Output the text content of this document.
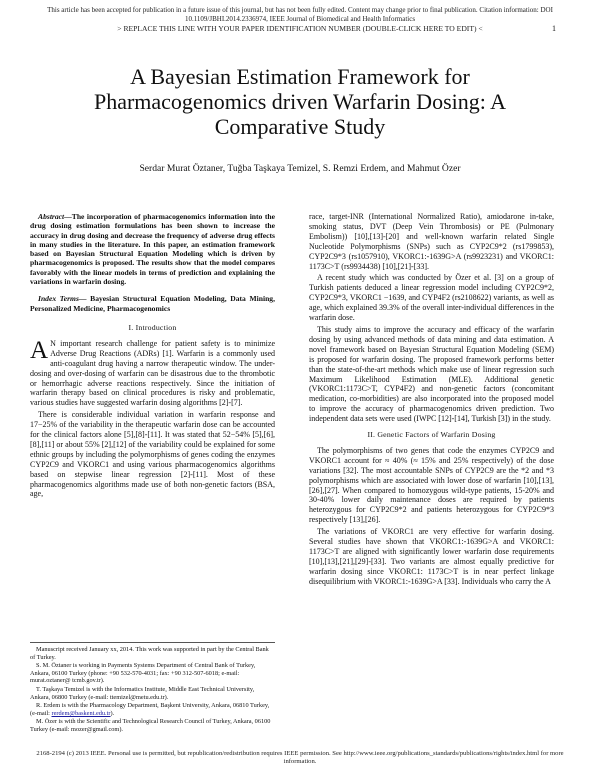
This article has been accepted for publication in a future issue of this journal, but has not been fully edited. Content may change prior to final publication. Citation information: DOI 10.1109/JBHI.2014.2336974, IEEE Journal of Biomedical and Health Informatics
> REPLACE THIS LINE WITH YOUR PAPER IDENTIFICATION NUMBER (DOUBLE-CLICK HERE TO EDIT) <	1
A Bayesian Estimation Framework for Pharmacogenomics driven Warfarin Dosing: A Comparative Study
Serdar Murat Öztaner, Tuğba Taşkaya Temizel, S. Remzi Erdem, and Mahmut Özer

Abstract—The incorporation of pharmacogenomics information into the drug dosing estimation formulations has been shown to increase the accuracy in drug dosing and decrease the frequency of adverse drug effects in many studies in the literature. In this paper, an estimation framework based on Bayesian Structural Equation Modeling which is driven by pharmacogenomics is proposed. The results show that the model compares favorably with the linear models in terms of prediction and explaining the variations in warfarin dosing.

Index Terms— Bayesian Structural Equation Modeling, Data Mining, Personalized Medicine, Pharmacogenomics

I. Introduction

A N important research challenge for patient safety is to minimize Adverse Drug Reactions (ADRs) [1]. Warfarin is a commonly used anti-coagulant drug having a narrow therapeutic window. The under-dosing and over-dosing of warfarin can be disastrous due to the thrombotic or hemorrhagic adverse reactions respectively. Since the initiation of warfarin therapy based on clinical procedures is risky and problematic, various studies have suggested warfarin dosing algorithms [2]-[7].

There is considerable individual variation in warfarin response and 17−25% of the variability in the therapeutic warfarin dose can be accounted for the clinical factors alone [5],[8]-[11]. It was stated that 52−54% [5],[6],[8],[11] or about 55% [2],[12] of the variability could be explained for some ethnic groups by including the polymorphisms of genes coding the enzymes CYP2C9 and VKORC1 and using various pharmacogenomics algorithms based on stepwise linear regression [2]-[11]. Most of these pharmacogenomics algorithms made use of both non-genetic factors (BSA, age,

race, target-INR (International Normalized Ratio), amiodarone in-take, smoking status, DVT (Deep Vein Thrombosis) or PE (Pulmonary Embolism)) [10],[13]-[20] and well-known warfarin related Single Nucleotide Polymorphisms (SNPs) such as CYP2C9*2 (rs1799853), CYP2C9*3 (rs1057910), VKORC1:-1639G>A (rs9923231) and VKORC1: 1173C>T (rs9934438) [10],[21]-[33].

A recent study which was conducted by Özer et al. [3] on a group of Turkish patients deduced a linear regression model including CYP2C9*2, CYP2C9*3, VKORC1 −1639, and CYP4F2 (rs2108622) variants, as well as age, which explained 39.3% of the overall inter-individual differences in the warfarin dose.

This study aims to improve the accuracy and efficacy of the warfarin dosing by using advanced methods of data mining and data estimation. A novel framework based on Bayesian Structural Equation Modeling (SEM) is proposed for warfarin dosing. The proposed framework performs better than the state-of-the-art methods which make use of linear regression such Maximum Likelihood Estimation (MLE). Additional genetic (VKORC1:1173C>T, CYP4F2) and non-genetic factors (concomitant medication, co-morbidities) are also incorporated into the proposed model to improve the accuracy of pharmacogenomics driven prediction. Two independent data sets were used (IWPC [12]-[14], Turkish [3]) in the study.

II. Genetic Factors of Warfarin Dosing

The polymorphisms of two genes that code the enzymes CYP2C9 and VKORC1 account for ≈ 40% (≈ 15% and 25% respectively) of the dose variations [32]. The most accountable SNPs of CYP2C9 are the *2 and *3 polymorphisms which are associated with lower dose of warfarin [10],[13],[26],[27]. When compared to homozygous wild-type patients, 15-20% and 30-40% lower daily maintenance doses are required by patients heterozygous for CYP2C9*2 and patients heterozygous for CYP2C9*3 respectively [13],[26].

The variations of VKORC1 are very effective for warfarin dosing. Several studies have shown that VKORC1:-1639G>A and VKORC1: 1173C>T are aligned with significantly lower warfarin dose requirements [10],[13],[21],[29]-[33]. Two variants are almost equally predictive for warfarin dosing since VKORC1: 1173C>T is in near perfect linkage disequilibrium with VKORC1:-1639G>A [33]. Individuals who carry the A

Manuscript received January xx, 2014. This work was supported in part by the Central Bank of Turkey.

S. M. Öztaner is working in Payments Systems Department of Central Bank of Turkey, Ankara, 06100 Turkey (phone: +90 532-570-4031; fax: +90 312-507-6018; e-mail: murat.oztaner@ tcmb.gov.tr).

T. Taşkaya Temizel is with the Informatics Institute, Middle East Technical University, Ankara, 06800 Turkey (e-mail: ttemizel@metu.edu.tr).

R. Erdem is with the Pharmacology Department, Başkent University, Ankara, 06810 Turkey, (e-mail: rerdem@baskent.edu.tr).

M. Özer is with the Scientific and Technological Research Council of Turkey, Ankara, 06100 Turkey (e-mail: mozer@gmail.com).

2168-2194 (c) 2013 IEEE. Personal use is permitted, but republication/redistribution requires IEEE permission. See http://www.ieee.org/publications_standards/publications/rights/index.html for more information.
